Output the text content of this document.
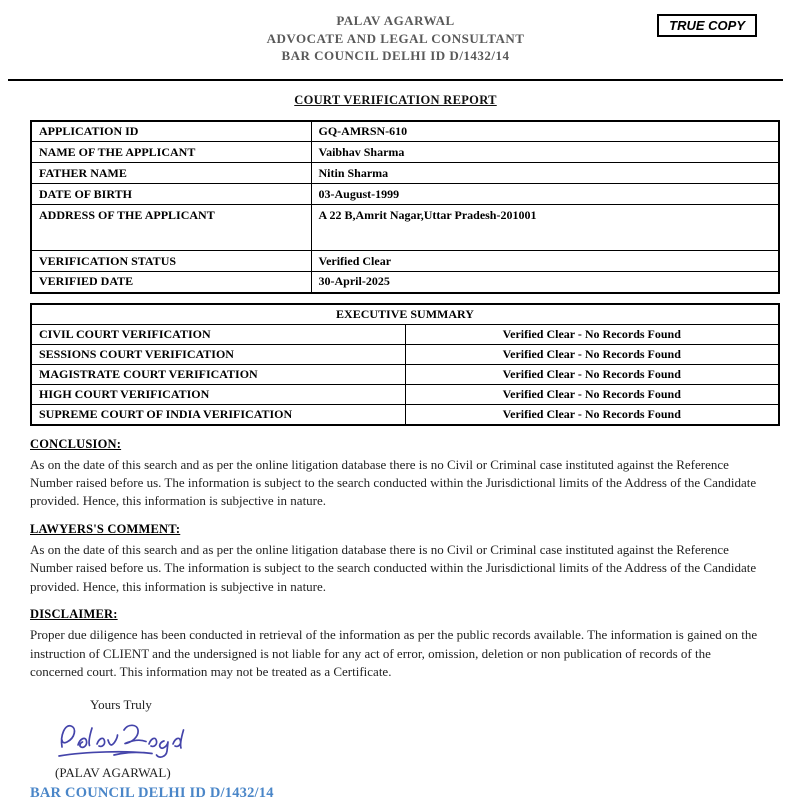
TRUE COPY
PALAV AGARWAL
ADVOCATE AND LEGAL CONSULTANT
BAR COUNCIL DELHI ID D/1432/14
COURT VERIFICATION REPORT
APPLICATION ID	GQ-AMRSN-610
NAME OF THE APPLICANT	Vaibhav Sharma
FATHER NAME	Nitin Sharma
DATE OF BIRTH	03-August-1999
ADDRESS OF THE APPLICANT	A 22 B,Amrit Nagar,Uttar Pradesh-201001
VERIFICATION STATUS	Verified Clear
VERIFIED DATE	30-April-2025
EXECUTIVE SUMMARY	
CIVIL COURT VERIFICATION	Verified Clear - No Records Found
SESSIONS COURT VERIFICATION	Verified Clear - No Records Found
MAGISTRATE COURT VERIFICATION	Verified Clear - No Records Found
HIGH COURT VERIFICATION	Verified Clear - No Records Found
SUPREME COURT OF INDIA VERIFICATION	Verified Clear - No Records Found
CONCLUSION:
As on the date of this search and as per the online litigation database there is no Civil or Criminal case instituted against the Reference Number raised before us. The information is subject to the search conducted within the Jurisdictional limits of the Address of the Candidate provided. Hence, this information is subjective in nature.
LAWYERS'S COMMENT:
As on the date of this search and as per the online litigation database there is no Civil or Criminal case instituted against the Reference Number raised before us. The information is subject to the search conducted within the Jurisdictional limits of the Address of the Candidate provided. Hence, this information is subjective in nature.
DISCLAIMER:
Proper due diligence has been conducted in retrieval of the information as per the public records available. The information is gained on the instruction of CLIENT and the undersigned is not liable for any act of error, omission, deletion or non publication of records of the concerned court. This information may not be treated as a Certificate.
Yours Truly
(PALAV AGARWAL)
BAR COUNCIL DELHI ID D/1432/14
